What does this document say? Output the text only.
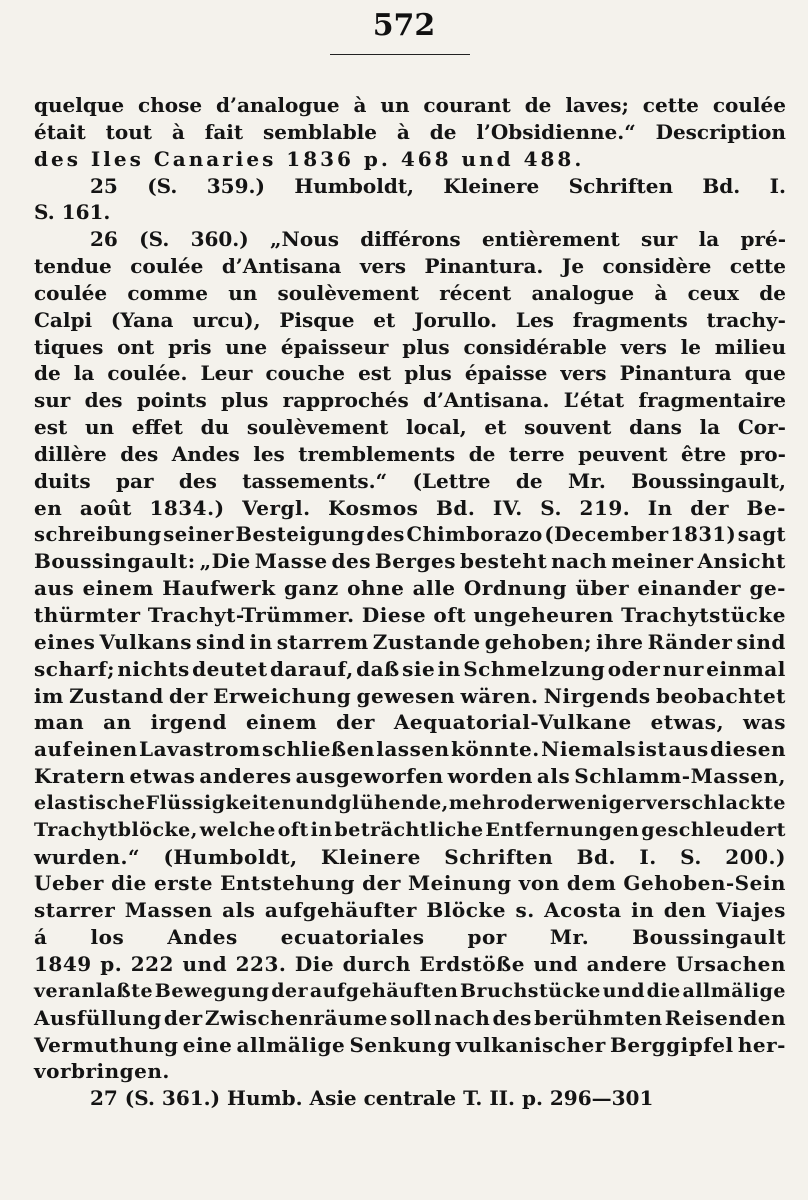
572
quelque chose d’analogue à un courant de laves; cette coulée
était tout à fait semblable à de l’Obsidienne.“ Description
des Iles Canaries 1836 p. 468 und 488.
25 (S. 359.) Humboldt, Kleinere Schriften Bd. I.
S. 161.
26 (S. 360.) „Nous différons entièrement sur la pré-
tendue coulée d’Antisana vers Pinantura. Je considère cette
coulée comme un soulèvement récent analogue à ceux de
Calpi (Yana urcu), Pisque et Jorullo. Les fragments trachy-
tiques ont pris une épaisseur plus considérable vers le milieu
de la coulée. Leur couche est plus épaisse vers Pinantura que
sur des points plus rapprochés d’Antisana. L’état fragmentaire
est un effet du soulèvement local, et souvent dans la Cor-
dillère des Andes les tremblements de terre peuvent être pro-
duits par des tassements.“ (Lettre de Mr. Boussingault,
en août 1834.) Vergl. Kosmos Bd. IV. S. 219. In der Be-
schreibung seiner Besteigung des Chimborazo (December 1831) sagt
Boussingault: „Die Masse des Berges besteht nach meiner Ansicht
aus einem Haufwerk ganz ohne alle Ordnung über einander ge-
thürmter Trachyt-Trümmer. Diese oft ungeheuren Trachytstücke
eines Vulkans sind in starrem Zustande gehoben; ihre Ränder sind
scharf; nichts deutet darauf, daß sie in Schmelzung oder nur einmal
im Zustand der Erweichung gewesen wären. Nirgends beobachtet
man an irgend einem der Aequatorial-Vulkane etwas, was
auf einen Lavastrom schließen lassen könnte. Niemals ist aus diesen
Kratern etwas anderes ausgeworfen worden als Schlamm-Massen,
elastische Flüssigkeiten und glühende, mehr oder weniger verschlackte
Trachytblöcke, welche oft in beträchtliche Entfernungen geschleudert
wurden.“ (Humboldt, Kleinere Schriften Bd. I. S. 200.)
Ueber die erste Entstehung der Meinung von dem Gehoben-Sein
starrer Massen als aufgehäufter Blöcke s. Acosta in den Viajes
á los Andes ecuatoriales por Mr. Boussingault
1849 p. 222 und 223. Die durch Erdstöße und andere Ursachen
veranlaßte Bewegung der aufgehäuften Bruchstücke und die allmälige
Ausfüllung der Zwischenräume soll nach des berühmten Reisenden
Vermuthung eine allmälige Senkung vulkanischer Berggipfel her-
vorbringen.
27 (S. 361.) Humb. Asie centrale T. II. p. 296—301
